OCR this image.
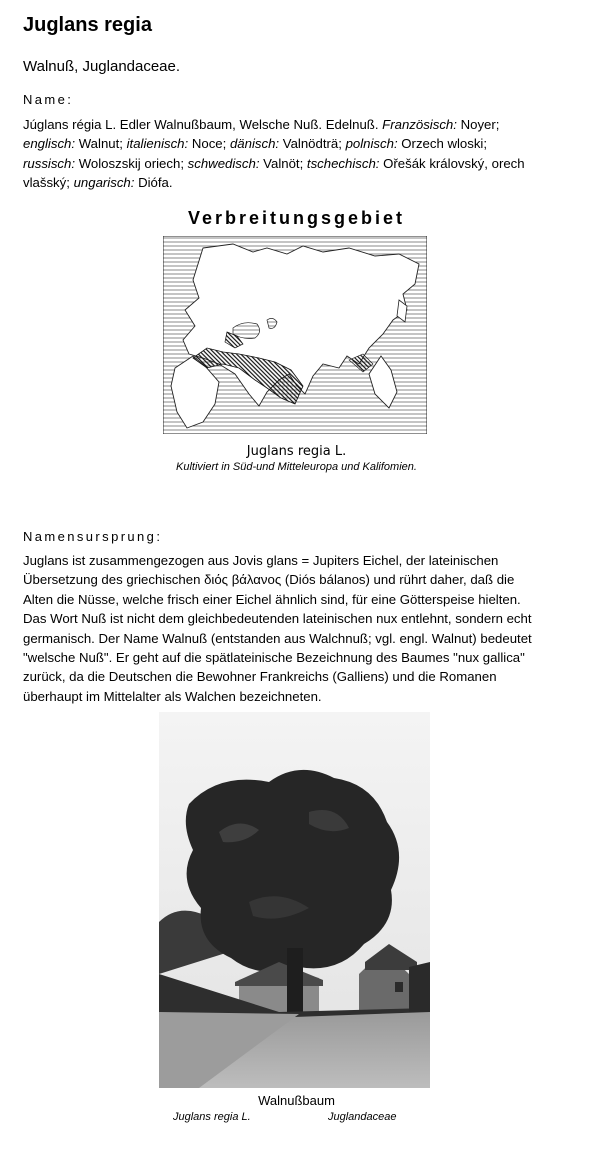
Juglans regia
Walnuß, Juglandaceae.
Name:
Júglans régia L. Edler Walnußbaum, Welsche Nuß. Edelnuß. Französisch: Noyer;
englisch: Walnut; italienisch: Noce; dänisch: Valnödträ; polnisch: Orzech wloski;
russisch: Woloszskij oriech; schwedisch: Valnöt; tschechisch: Ořešák královský, orech
vlašský; ungarisch: Diófa.
Verbreitungsgebiet
Juglans regia L.
Kultiviert in Süd-und Mitteleuropa und Kalifomien.
Namensursprung:
Juglans ist zusammengezogen aus Jovis glans = Jupiters Eichel, der lateinischen
Übersetzung des griechischen διός βάλανος (Diós bálanos) und rührt daher, daß die
Alten die Nüsse, welche frisch einer Eichel ähnlich sind, für eine Götterspeise hielten.
Das Wort Nuß ist nicht dem gleichbedeutenden lateinischen nux entlehnt, sondern echt
germanisch. Der Name Walnuß (entstanden aus Walchnuß; vgl. engl. Walnut) bedeutet
"welsche Nuß". Er geht auf die spätlateinische Bezeichnung des Baumes "nux gallica"
zurück, da die Deutschen die Bewohner Frankreichs (Galliens) und die Romanen
überhaupt im Mittelalter als Walchen bezeichneten.
Walnußbaum
Juglans regia L.	Juglandaceae
